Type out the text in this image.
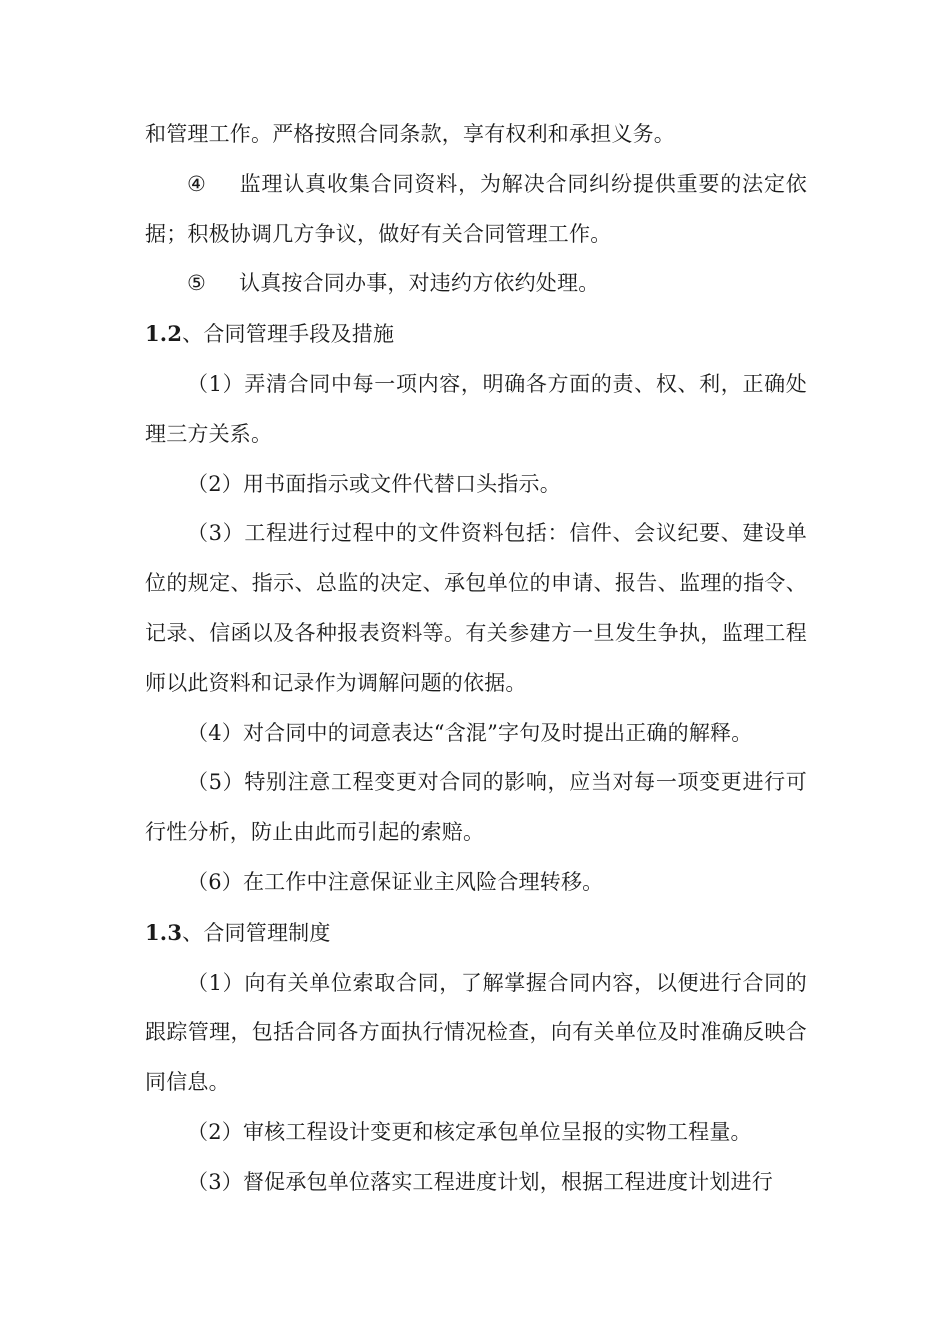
和管理工作。严格按照合同条款，享有权利和承担义务。

④ 监理认真收集合同资料，为解决合同纠纷提供重要的法定依据；积极协调几方争议，做好有关合同管理工作。

⑤ 认真按合同办事，对违约方依约处理。

1.2、合同管理手段及措施

（1）弄清合同中每一项内容，明确各方面的责、权、利，正确处理三方关系。

（2）用书面指示或文件代替口头指示。

（3）工程进行过程中的文件资料包括：信件、会议纪要、建设单位的规定、指示、总监的决定、承包单位的申请、报告、监理的指令、记录、信函以及各种报表资料等。有关参建方一旦发生争执，监理工程师以此资料和记录作为调解问题的依据。

（4）对合同中的词意表达“含混”字句及时提出正确的解释。

（5）特别注意工程变更对合同的影响，应当对每一项变更进行可行性分析，防止由此而引起的索赔。

（6）在工作中注意保证业主风险合理转移。

1.3、合同管理制度

（1）向有关单位索取合同，了解掌握合同内容，以便进行合同的跟踪管理，包括合同各方面执行情况检查，向有关单位及时准确反映合同信息。

（2）审核工程设计变更和核定承包单位呈报的实物工程量。

（3）督促承包单位落实工程进度计划，根据工程进度计划进行
